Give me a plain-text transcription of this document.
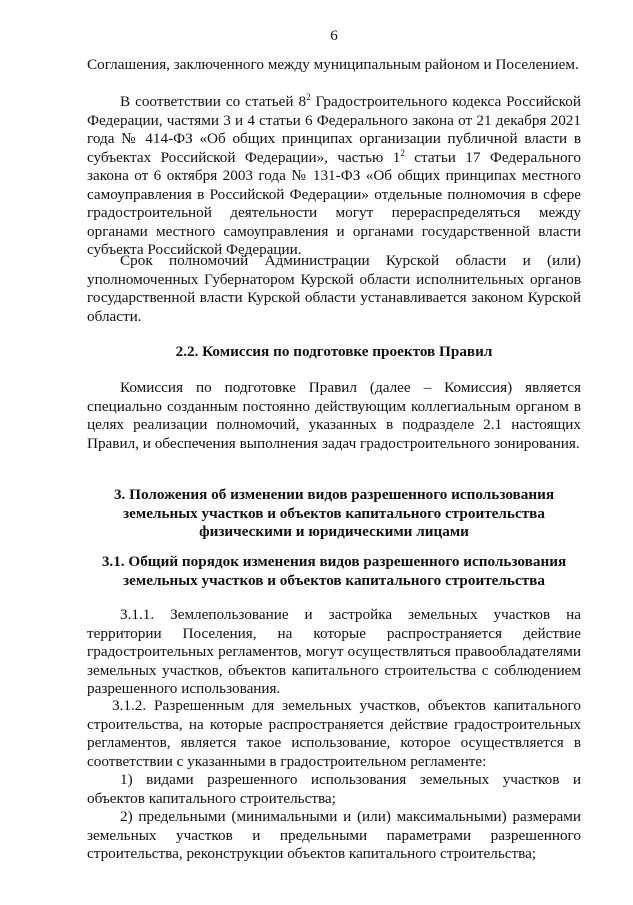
6
Соглашения, заключенного между муниципальным районом и Поселением.
В соответствии со статьей $8^2$ Градостроительного кодекса Российской Федерации, частями 3 и 4 статьи 6 Федерального закона от 21 декабря 2021 года № 414-ФЗ «Об общих принципах организации публичной власти в субъектах Российской Федерации», частью $1^2$ статьи 17 Федерального закона от 6 октября 2003 года № 131-ФЗ «Об общих принципах местного самоуправления в Российской Федерации» отдельные полномочия в сфере градостроительной деятельности могут перераспределяться между органами местного самоуправления и органами государственной власти субъекта Российской Федерации.
Срок полномочий Администрации Курской области и (или) уполномоченных Губернатором Курской области исполнительных органов государственной власти Курской области устанавливается законом Курской области.
2.2. Комиссия по подготовке проектов Правил
Комиссия по подготовке Правил (далее – Комиссия) является специально созданным постоянно действующим коллегиальным органом в целях реализации полномочий, указанных в подразделе 2.1 настоящих Правил, и обеспечения выполнения задач градостроительного зонирования.
3. Положения об изменении видов разрешенного использования
земельных участков и объектов капитального строительства
физическими и юридическими лицами
3.1. Общий порядок изменения видов разрешенного использования
земельных участков и объектов капитального строительства
3.1.1. Землепользование и застройка земельных участков на территории Поселения, на которые распространяется действие градостроительных регламентов, могут осуществляться правообладателями земельных участков, объектов капитального строительства с соблюдением разрешенного использования.
3.1.2. Разрешенным для земельных участков, объектов капитального строительства, на которые распространяется действие градостроительных регламентов, является такое использование, которое осуществляется в соответствии с указанными в градостроительном регламенте:
1) видами разрешенного использования земельных участков и объектов капитального строительства;
2) предельными (минимальными и (или) максимальными) размерами земельных участков и предельными параметрами разрешенного строительства, реконструкции объектов капитального строительства;
